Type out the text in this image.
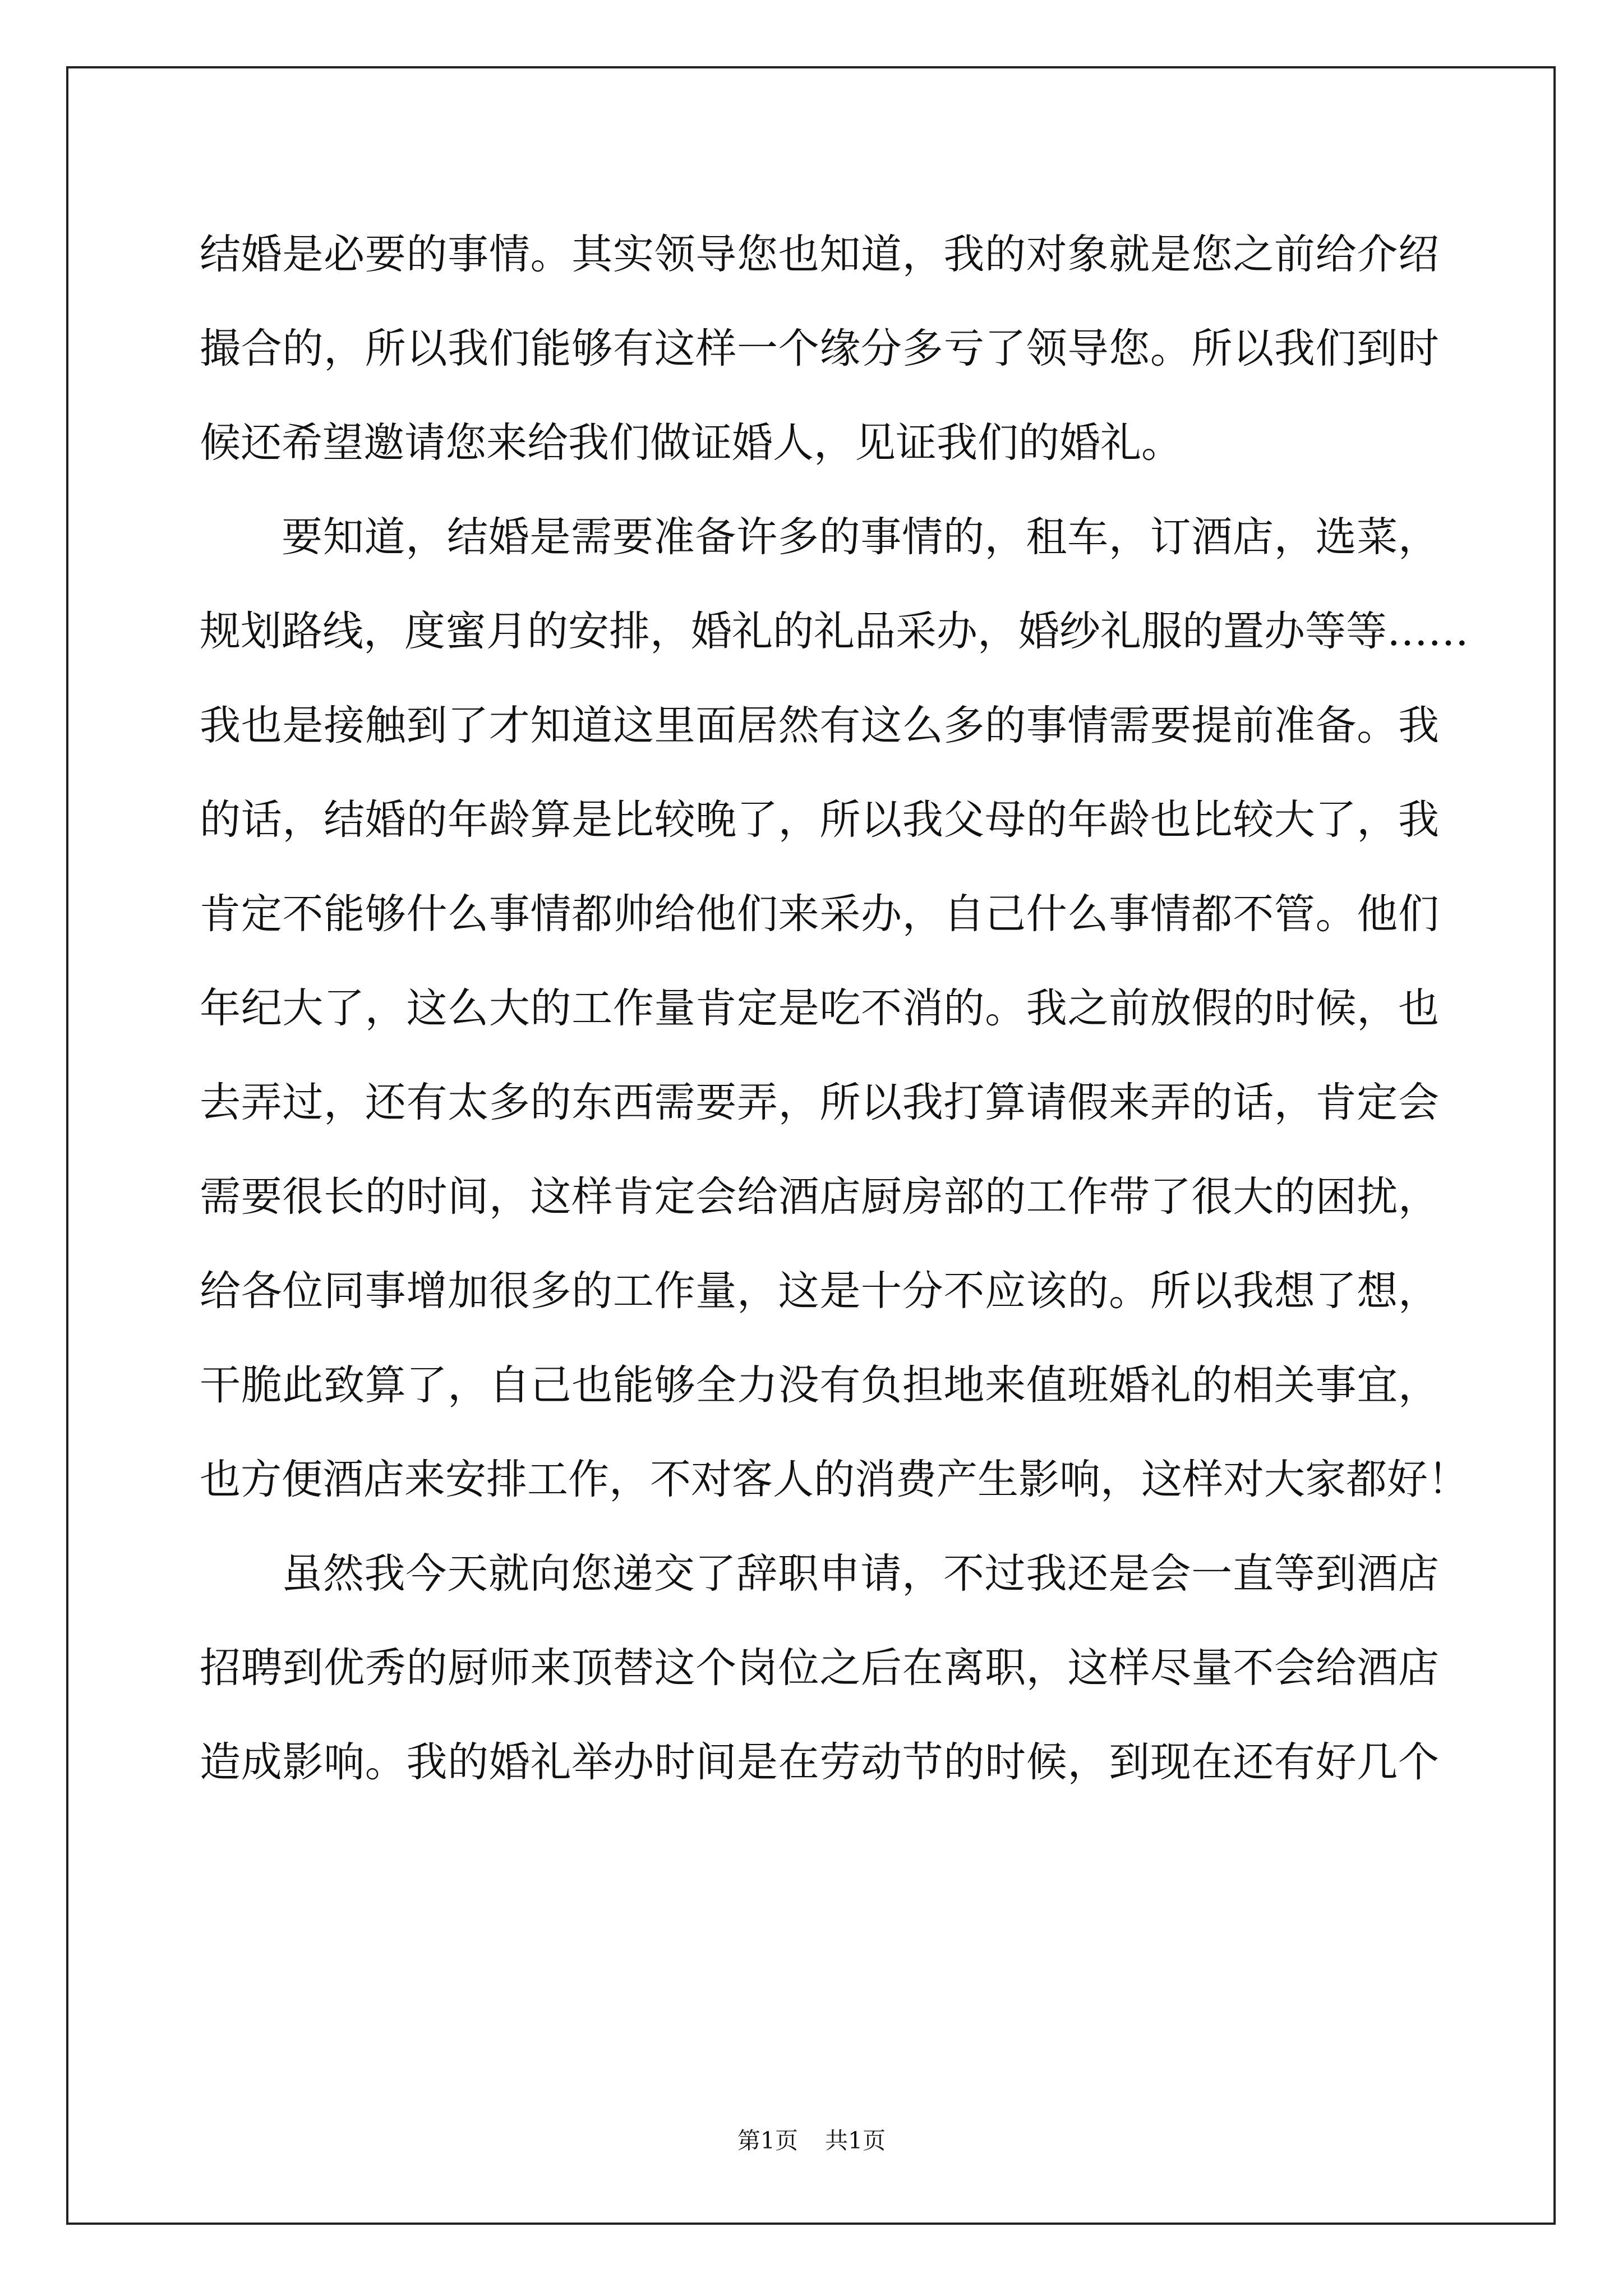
结婚是必要的事情。其实领导您也知道，我的对象就是您之前给介绍
撮合的，所以我们能够有这样一个缘分多亏了领导您。所以我们到时
候还希望邀请您来给我们做证婚人，见证我们的婚礼。
要知道，结婚是需要准备许多的事情的，租车，订酒店，选菜，
规划路线，度蜜月的安排，婚礼的礼品采办，婚纱礼服的置办等等……
我也是接触到了才知道这里面居然有这么多的事情需要提前准备。我
的话，结婚的年龄算是比较晚了，所以我父母的年龄也比较大了，我
肯定不能够什么事情都帅给他们来采办，自己什么事情都不管。他们
年纪大了，这么大的工作量肯定是吃不消的。我之前放假的时候，也
去弄过，还有太多的东西需要弄，所以我打算请假来弄的话，肯定会
需要很长的时间，这样肯定会给酒店厨房部的工作带了很大的困扰，
给各位同事增加很多的工作量，这是十分不应该的。所以我想了想，
干脆此致算了，自己也能够全力没有负担地来值班婚礼的相关事宜，
也方便酒店来安排工作，不对客人的消费产生影响，这样对大家都好！
虽然我今天就向您递交了辞职申请，不过我还是会一直等到酒店
招聘到优秀的厨师来顶替这个岗位之后在离职，这样尽量不会给酒店
造成影响。我的婚礼举办时间是在劳动节的时候，到现在还有好几个
第1页 共1页
